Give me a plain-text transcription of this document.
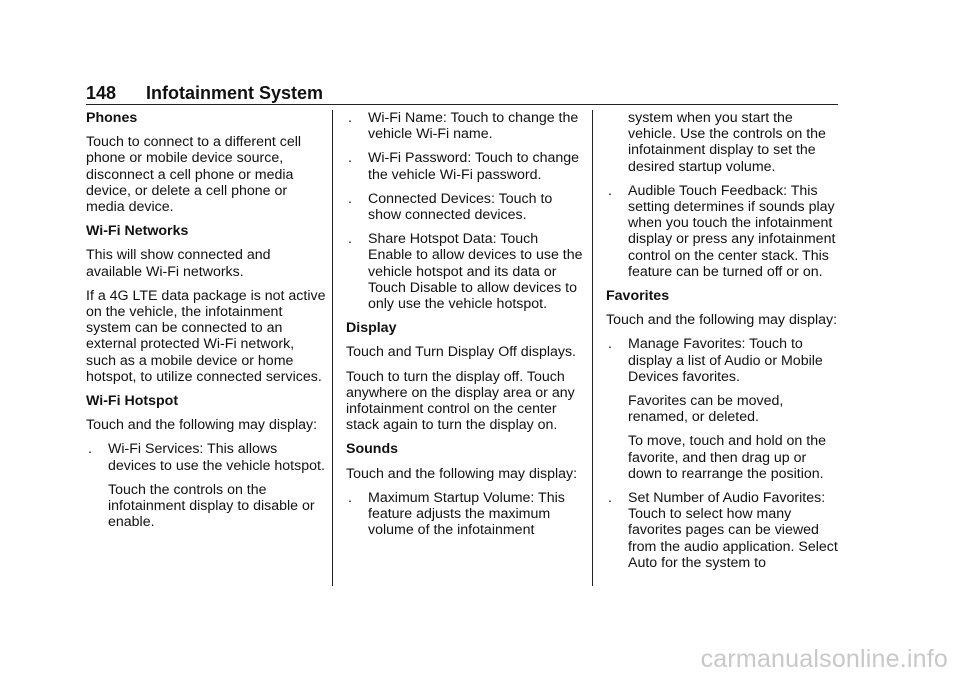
148 Infotainment System

Phones

Touch to connect to a different cell phone or mobile device source, disconnect a cell phone or media device, or delete a cell phone or media device.

Wi-Fi Networks

This will show connected and available Wi-Fi networks.

If a 4G LTE data package is not active on the vehicle, the infotainment system can be connected to an external protected Wi-Fi network, such as a mobile device or home hotspot, to utilize connected services.

Wi-Fi Hotspot

Touch and the following may display:

. Wi-Fi Services: This allows devices to use the vehicle hotspot.
Touch the controls on the infotainment display to disable or enable.
. Wi-Fi Name: Touch to change the vehicle Wi-Fi name.
. Wi-Fi Password: Touch to change the vehicle Wi-Fi password.
. Connected Devices: Touch to show connected devices.
. Share Hotspot Data: Touch Enable to allow devices to use the vehicle hotspot and its data or Touch Disable to allow devices to only use the vehicle hotspot.

Display

Touch and Turn Display Off displays.

Touch to turn the display off. Touch anywhere on the display area or any infotainment control on the center stack again to turn the display on.

Sounds

Touch and the following may display:

. Maximum Startup Volume: This feature adjusts the maximum volume of the infotainment

system when you start the vehicle. Use the controls on the infotainment display to set the desired startup volume.

. Audible Touch Feedback: This setting determines if sounds play when you touch the infotainment display or press any infotainment control on the center stack. This feature can be turned off or on.

Favorites

Touch and the following may display:

. Manage Favorites: Touch to display a list of Audio or Mobile Devices favorites.
Favorites can be moved, renamed, or deleted.
To move, touch and hold on the favorite, and then drag up or down to rearrange the position.
. Set Number of Audio Favorites: Touch to select how many favorites pages can be viewed from the audio application. Select Auto for the system to
carmanualsonline.info
